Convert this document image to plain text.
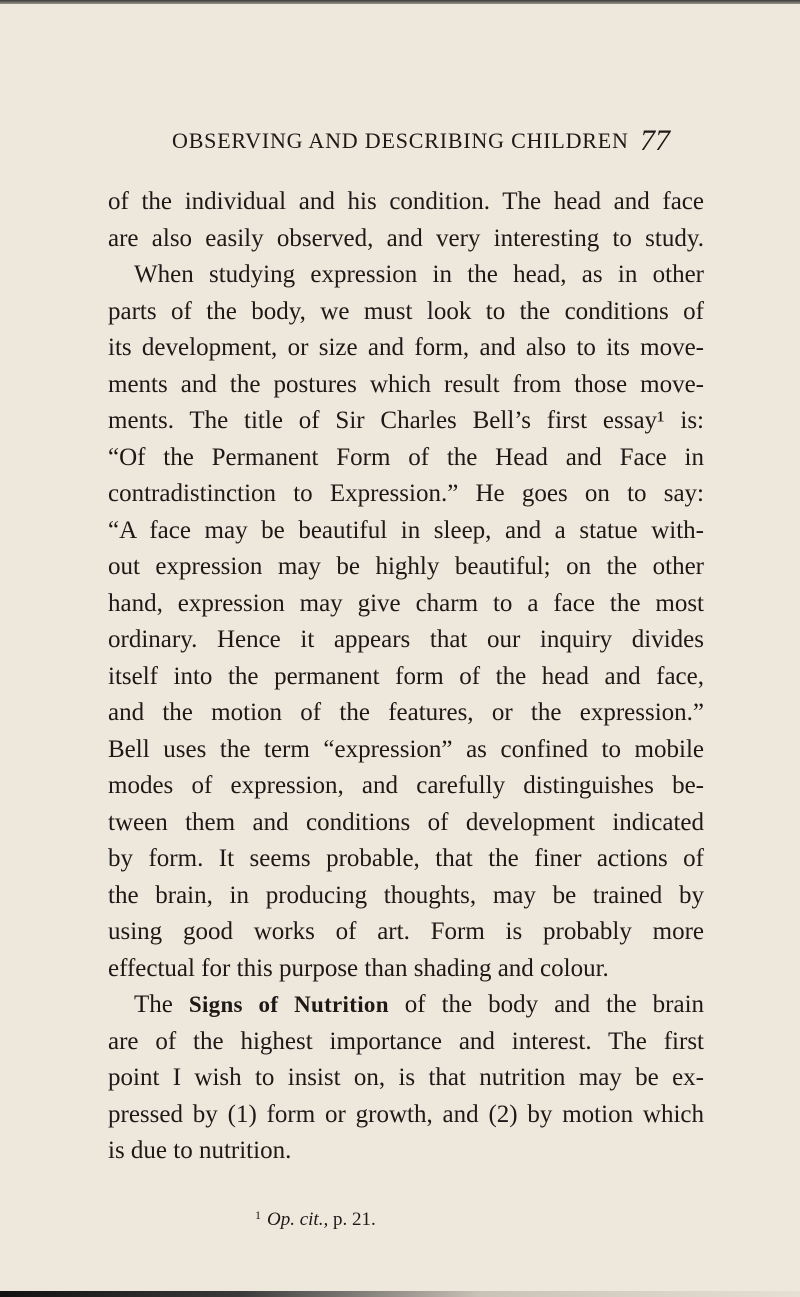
OBSERVING AND DESCRIBING CHILDREN 77
of the individual and his condition. The head and face
are also easily observed, and very interesting to study.
When studying expression in the head, as in other
parts of the body, we must look to the conditions of
its development, or size and form, and also to its move-
ments and the postures which result from those move-
ments. The title of Sir Charles Bell’s first essay¹ is:
“Of the Permanent Form of the Head and Face in
contradistinction to Expression.” He goes on to say:
“A face may be beautiful in sleep, and a statue with-
out expression may be highly beautiful; on the other
hand, expression may give charm to a face the most
ordinary. Hence it appears that our inquiry divides
itself into the permanent form of the head and face,
and the motion of the features, or the expression.”
Bell uses the term “expression” as confined to mobile
modes of expression, and carefully distinguishes be-
tween them and conditions of development indicated
by form. It seems probable, that the finer actions of
the brain, in producing thoughts, may be trained by
using good works of art. Form is probably more
effectual for this purpose than shading and colour.
The Signs of Nutrition of the body and the brain
are of the highest importance and interest. The first
point I wish to insist on, is that nutrition may be ex-
pressed by (1) form or growth, and (2) by motion which
is due to nutrition.
$^1$ Op. cit., p. 21.
